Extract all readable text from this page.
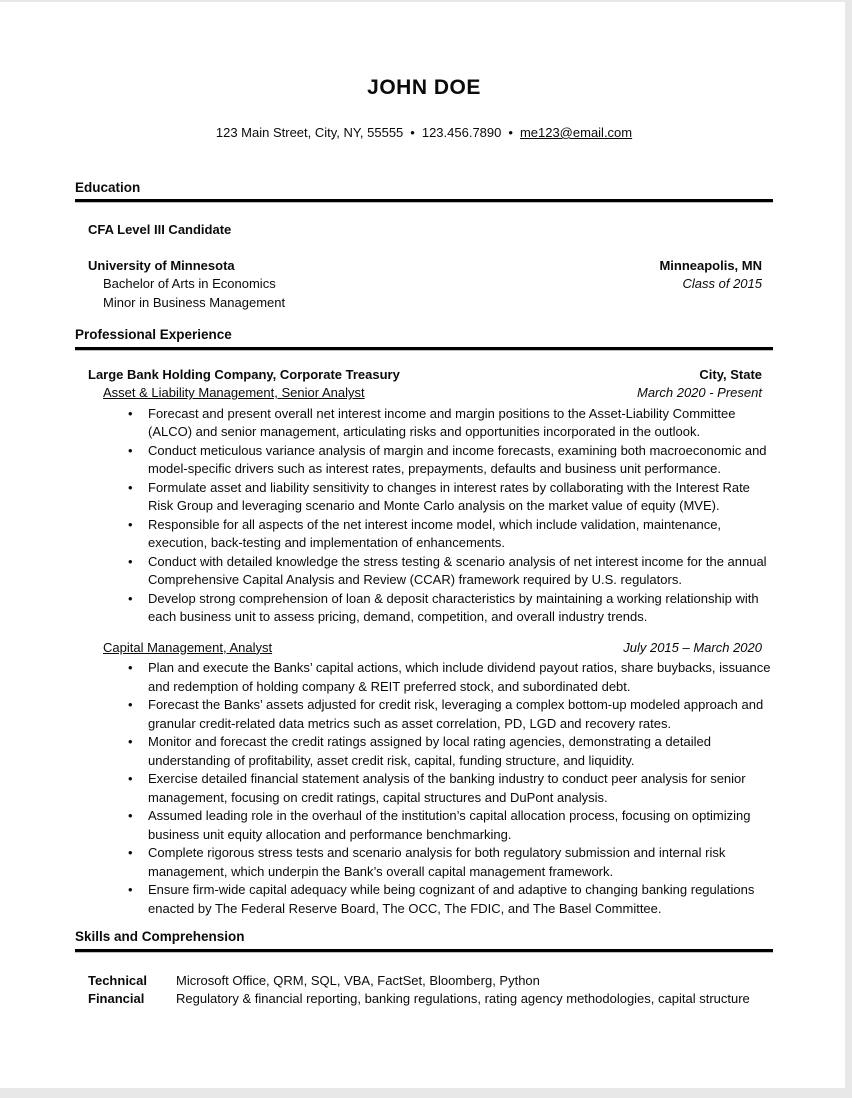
JOHN DOE
123 Main Street, City, NY, 55555 • 123.456.7890 • me123@email.com
Education
CFA Level III Candidate
University of Minnesota	Minneapolis, MN
Bachelor of Arts in Economics	Class of 2015
Minor in Business Management
Professional Experience
Large Bank Holding Company, Corporate Treasury	City, State
Asset & Liability Management, Senior Analyst	March 2020 - Present
• Forecast and present overall net interest income and margin positions to the Asset-Liability Committee (ALCO) and senior management, articulating risks and opportunities incorporated in the outlook.
• Conduct meticulous variance analysis of margin and income forecasts, examining both macroeconomic and model-specific drivers such as interest rates, prepayments, defaults and business unit performance.
• Formulate asset and liability sensitivity to changes in interest rates by collaborating with the Interest Rate Risk Group and leveraging scenario and Monte Carlo analysis on the market value of equity (MVE).
• Responsible for all aspects of the net interest income model, which include validation, maintenance, execution, back-testing and implementation of enhancements.
• Conduct with detailed knowledge the stress testing & scenario analysis of net interest income for the annual Comprehensive Capital Analysis and Review (CCAR) framework required by U.S. regulators.
• Develop strong comprehension of loan & deposit characteristics by maintaining a working relationship with each business unit to assess pricing, demand, competition, and overall industry trends.
Capital Management, Analyst	July 2015 – March 2020
• Plan and execute the Banks’ capital actions, which include dividend payout ratios, share buybacks, issuance and redemption of holding company & REIT preferred stock, and subordinated debt.
• Forecast the Banks’ assets adjusted for credit risk, leveraging a complex bottom-up modeled approach and granular credit-related data metrics such as asset correlation, PD, LGD and recovery rates.
• Monitor and forecast the credit ratings assigned by local rating agencies, demonstrating a detailed understanding of profitability, asset credit risk, capital, funding structure, and liquidity.
• Exercise detailed financial statement analysis of the banking industry to conduct peer analysis for senior management, focusing on credit ratings, capital structures and DuPont analysis.
• Assumed leading role in the overhaul of the institution’s capital allocation process, focusing on optimizing business unit equity allocation and performance benchmarking.
• Complete rigorous stress tests and scenario analysis for both regulatory submission and internal risk management, which underpin the Bank’s overall capital management framework.
• Ensure firm-wide capital adequacy while being cognizant of and adaptive to changing banking regulations enacted by The Federal Reserve Board, The OCC, The FDIC, and The Basel Committee.
Skills and Comprehension
Technical	Microsoft Office, QRM, SQL, VBA, FactSet, Bloomberg, Python
Financial	Regulatory & financial reporting, banking regulations, rating agency methodologies, capital structure
